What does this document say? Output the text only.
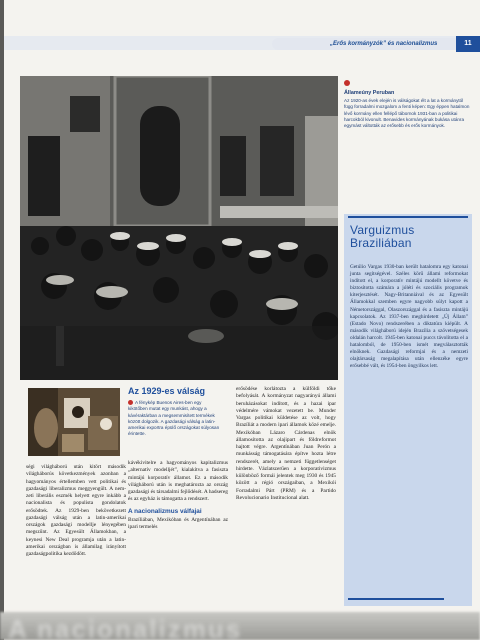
„Erős kormányzók” és nacionalizmus	11
Állameúny Peruban
Az 1920-as évek elején is válságokat élt a lat a kormánytól függ forradalmi mozgalom a fenti képen: Egy éppen hatalmon lévő kormány ellen fellépő tábornok 1931-ban a politikai harcokból kivonult. Benavides kormányának bukása utánra egymást váltották az erősebb és erős kormányok.
Varguizmus Braziliában
Getúlio Vargas 1930-ban került hatalomra egy katonai junta segítségével. Széles körű állami reformokat indított el, a korporatív mintájú modellt követve és biztosította számára a jóléti és szociális programok kiterjesztését. Nagy-Britanniával és az Egyesült Államokkal szemben egyre nagyobb súlyt kapott a Németországgal, Olaszországgal és a fasiszta mintájú kapcsolatok. Az 1937-ben meghirdetett „Új Állam” (Estado Novo) rendszerében a diktatúra kiépült. A második világháború idején Brazília a szövetségesek oldalán harcolt. 1945-ben katonai puccs távolította el a hatalomból, de 1950-ben ismét megválasztották elnöknek. Gazdasági reformjai és a nemzeti olajtársaság megalapítása után ellenzéke egyre erősebbé vált, és 1954-ben öngyilkos lett.
Az 1929-es válság
A fénykép Buenos Aires-ben egy kikötőben mutat egy munkást, ahogy a kávéraktárban a megsemmisített termékek között dolgozik. A gazdasági válság a latin-amerikai exportra épülő országokat súlyosan érintette.
ségi világháború után kitört második világháborús következmények azonban a hagyományos értellemben vett politikai és gazdasági liberalizmus meggyengült. A nemzeti liberális eszmék helyett egyre inkább a nacionalista és populista gondolatok erősödtek. Az 1929-ben bekövetkezett gazdasági válság után a latin-amerikai országok gazdasági modellje lényegében megszűnt. Az Egyesült Államokban, a keynesi New Deal programja után a latin-amerikai országban is államilag irányított gazdaságpolitika kezdődött.
kávékivitelre a hagyományos kapitalizmus „alternatív modelljét”, kialakítva a fasiszta mintájú korporatív államot. Ez a második világháború után is meghatározta az ország gazdasági és társadalmi fejlődését. A hadsereg és az egyház is támogatta a rendszert.
A nacionalizmus válfajai
Brazíliában, Mexikóban és Argentínában az ipari termelés
erősödése korlátozta a külföldi tőke befolyását. A kormányzat nagyarányú állami beruházásokat indított, és a hazai ipar védelmére vámokat vezetett be. Munder Vargas politikai küldetése az volt, hogy Brazíliát a modern ipari államok közé emelje. Mexikóban Lázaro Cárdenas elnök államosította az olajipart és földreformot hajtott végre. Argentínában Juan Perón a munkásság támogatására építve hozta létre rendszerét, amely a nemzeti függetlenséget hirdette. Vázlatszerűen a korporativizmus különböző formái jelentek meg 1930 és 1945 között a régió országaiban, a Mexikói Forradalmi Párt (PRM) és a Partido Revolucionario Institucional alatt.
A nacionalizmus
